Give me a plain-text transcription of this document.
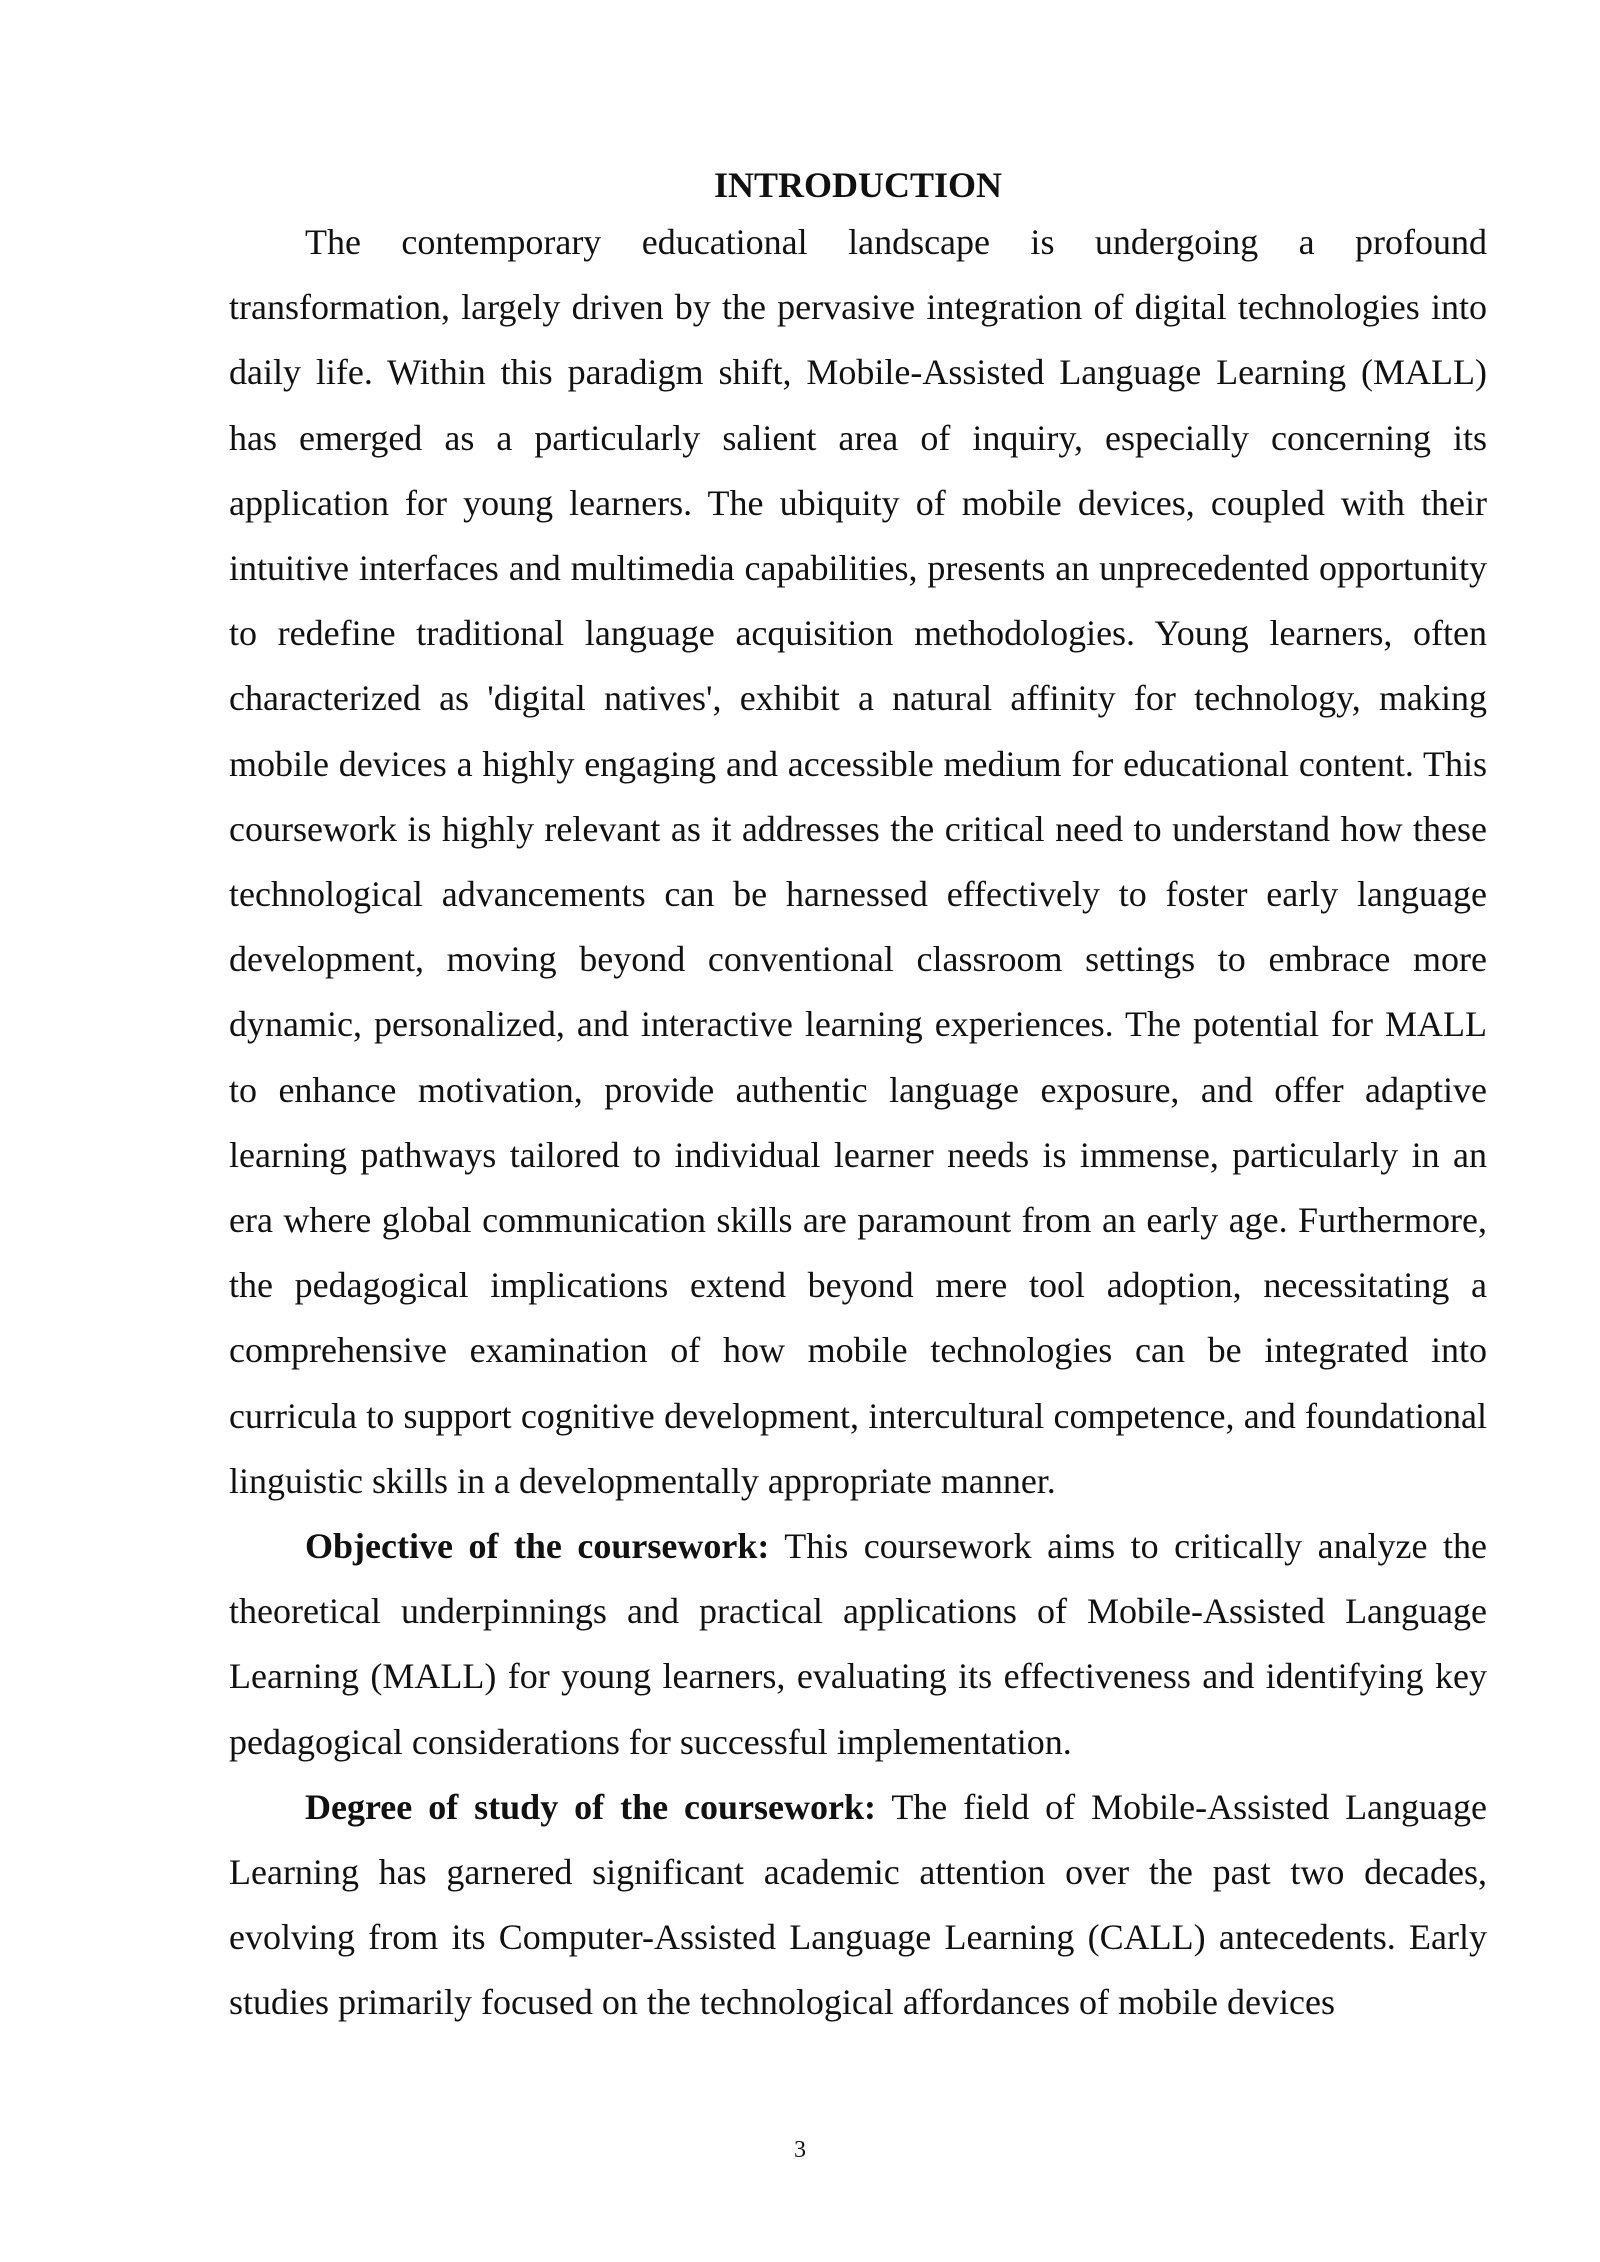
INTRODUCTION

The contemporary educational landscape is undergoing a profound transformation, largely driven by the pervasive integration of digital technologies into daily life. Within this paradigm shift, Mobile-Assisted Language Learning (MALL) has emerged as a particularly salient area of inquiry, especially concerning its application for young learners. The ubiquity of mobile devices, coupled with their intuitive interfaces and multimedia capabilities, presents an unprecedented opportunity to redefine traditional language acquisition methodologies. Young learners, often characterized as 'digital natives', exhibit a natural affinity for technology, making mobile devices a highly engaging and accessible medium for educational content. This coursework is highly relevant as it addresses the critical need to understand how these technological advancements can be harnessed effectively to foster early language development, moving beyond conventional classroom settings to embrace more dynamic, personalized, and interactive learning experiences. The potential for MALL to enhance motivation, provide authentic language exposure, and offer adaptive learning pathways tailored to individual learner needs is immense, particularly in an era where global communication skills are paramount from an early age. Furthermore, the pedagogical implications extend beyond mere tool adoption, necessitating a comprehensive examination of how mobile technologies can be integrated into curricula to support cognitive development, intercultural competence, and foundational linguistic skills in a developmentally appropriate manner.

Objective of the coursework: This coursework aims to critically analyze the theoretical underpinnings and practical applications of Mobile-Assisted Language Learning (MALL) for young learners, evaluating its effectiveness and identifying key pedagogical considerations for successful implementation.

Degree of study of the coursework: The field of Mobile-Assisted Language Learning has garnered significant academic attention over the past two decades, evolving from its Computer-Assisted Language Learning (CALL) antecedents. Early studies primarily focused on the technological affordances of mobile devices

3
